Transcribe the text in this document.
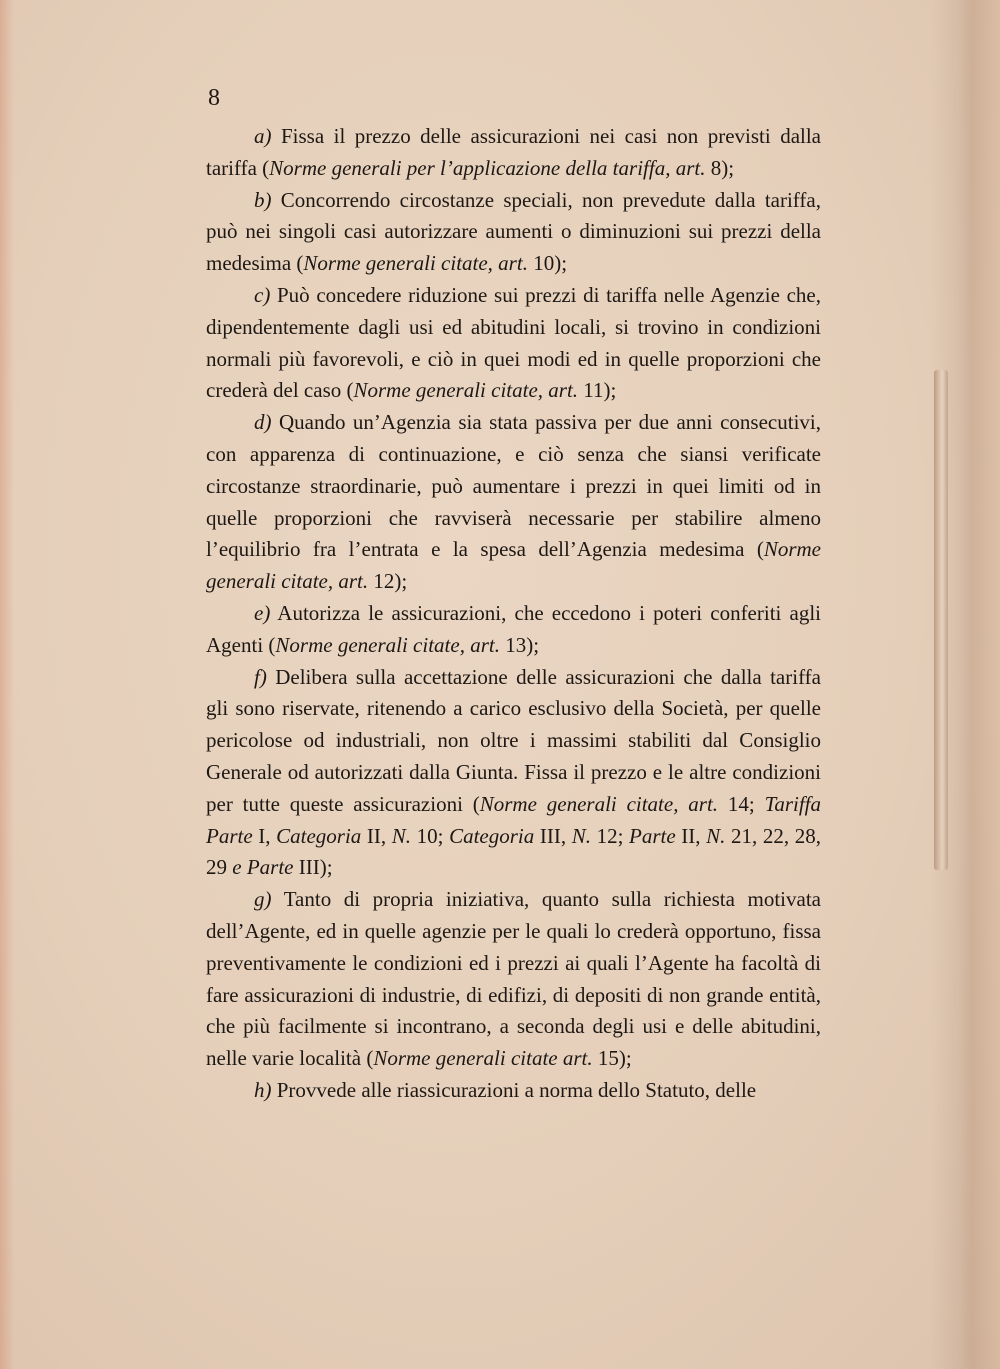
8

a) Fissa il prezzo delle assicurazioni nei casi non previsti dalla tariffa (Norme generali per l’applicazione della tariffa, art. 8);

b) Concorrendo circostanze speciali, non prevedute dalla tariffa, può nei singoli casi autorizzare aumenti o diminuzioni sui prezzi della medesima (Norme generali citate, art. 10);

c) Può concedere riduzione sui prezzi di tariffa nelle Agenzie che, dipendentemente dagli usi ed abitudini locali, si trovino in condizioni normali più favorevoli, e ciò in quei modi ed in quelle proporzioni che crederà del caso (Norme generali citate, art. 11);

d) Quando un’Agenzia sia stata passiva per due anni consecutivi, con apparenza di continuazione, e ciò senza che siansi verificate circostanze straordinarie, può aumentare i prezzi in quei limiti od in quelle proporzioni che ravviserà necessarie per stabilire almeno l’equilibrio fra l’entrata e la spesa dell’Agenzia medesima (Norme generali citate, art. 12);

e) Autorizza le assicurazioni, che eccedono i poteri conferiti agli Agenti (Norme generali citate, art. 13);

f) Delibera sulla accettazione delle assicurazioni che dalla tariffa gli sono riservate, ritenendo a carico esclusivo della Società, per quelle pericolose od industriali, non oltre i massimi stabiliti dal Consiglio Generale od autorizzati dalla Giunta. Fissa il prezzo e le altre condizioni per tutte queste assicurazioni (Norme generali citate, art. 14; Tariffa Parte I, Categoria II, N. 10; Categoria III, N. 12; Parte II, N. 21, 22, 28, 29 e Parte III);

g) Tanto di propria iniziativa, quanto sulla richiesta motivata dell’Agente, ed in quelle agenzie per le quali lo crederà opportuno, fissa preventivamente le condizioni ed i prezzi ai quali l’Agente ha facoltà di fare assicurazioni di industrie, di edifizi, di depositi di non grande entità, che più facilmente si incontrano, a seconda degli usi e delle abitudini, nelle varie località (Norme generali citate art. 15);

h) Provvede alle riassicurazioni a norma dello Statuto, delle
